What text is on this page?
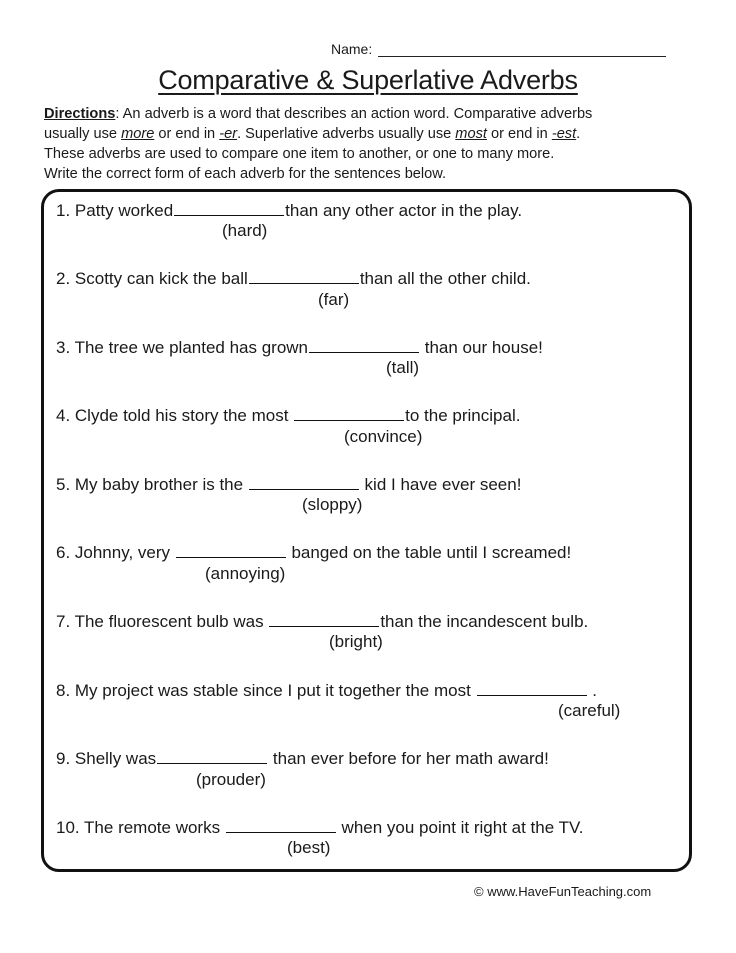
Name:
Comparative & Superlative Adverbs
Directions: An adverb is a word that describes an action word. Comparative adverbs
usually use more or end in -er. Superlative adverbs usually use most or end in -est.
These adverbs are used to compare one item to another, or one to many more.
Write the correct form of each adverb for the sentences below.
1. Patty worked	than any other actor in the play.
(hard)
2. Scotty can kick the ball	than all the other child.
(far)
3. The tree we planted has grown	than our house!
(tall)
4. Clyde told his story the most	to the principal.
(convince)
5. My baby brother is the	kid I have ever seen!
(sloppy)
6. Johnny, very	banged on the table until I screamed!
(annoying)
7. The fluorescent bulb was	than the incandescent bulb.
(bright)
8. My project was stable since I put it together the most	.
(careful)
9. Shelly was	than ever before for her math award!
(prouder)
10. The remote works	when you point it right at the TV.
(best)
© www.HaveFunTeaching.com
